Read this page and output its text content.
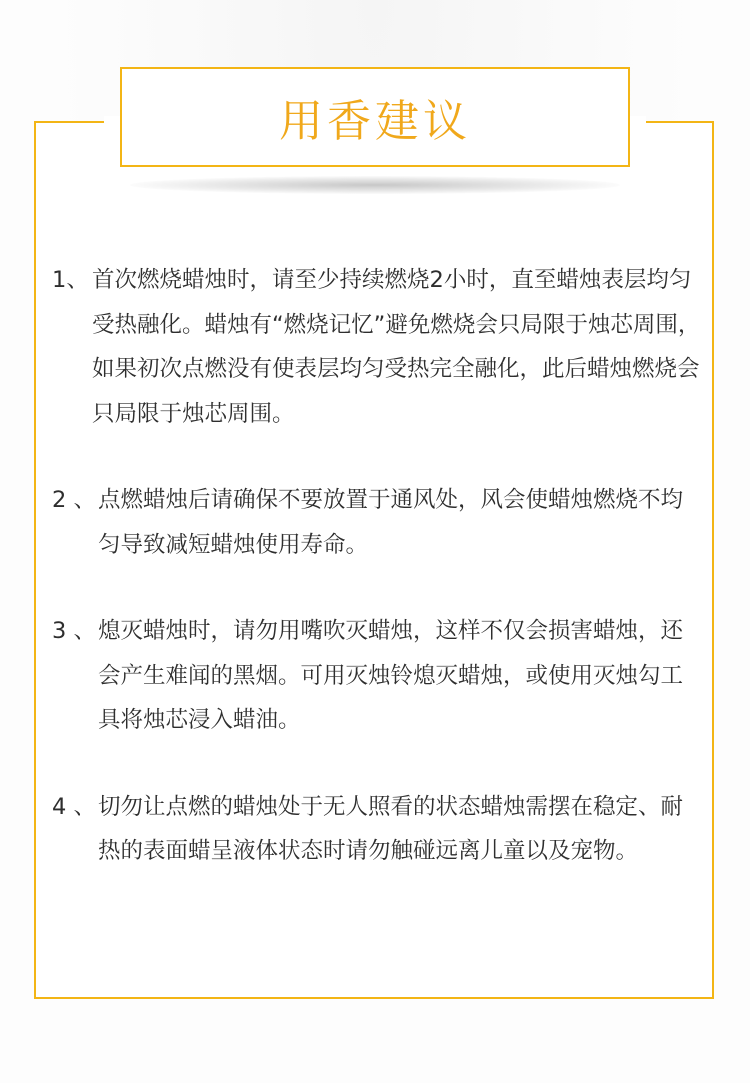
用香建议
1、 首次燃烧蜡烛时，请至少持续燃烧2小时，直至蜡烛表层均匀受热融化。蜡烛有“燃烧记忆”避免燃烧会只局限于烛芯周围，如果初次点燃没有使表层均匀受热完全融化，此后蜡烛燃烧会只局限于烛芯周围。
2 、 点燃蜡烛后请确保不要放置于通风处，风会使蜡烛燃烧不均匀导致减短蜡烛使用寿命。
3 、 熄灭蜡烛时，请勿用嘴吹灭蜡烛，这样不仅会损害蜡烛，还会产生难闻的黑烟。可用灭烛铃熄灭蜡烛，或使用灭烛勾工具将烛芯浸入蜡油。
4 、 切勿让点燃的蜡烛处于无人照看的状态蜡烛需摆在稳定、耐热的表面蜡呈液体状态时请勿触碰远离儿童以及宠物。
